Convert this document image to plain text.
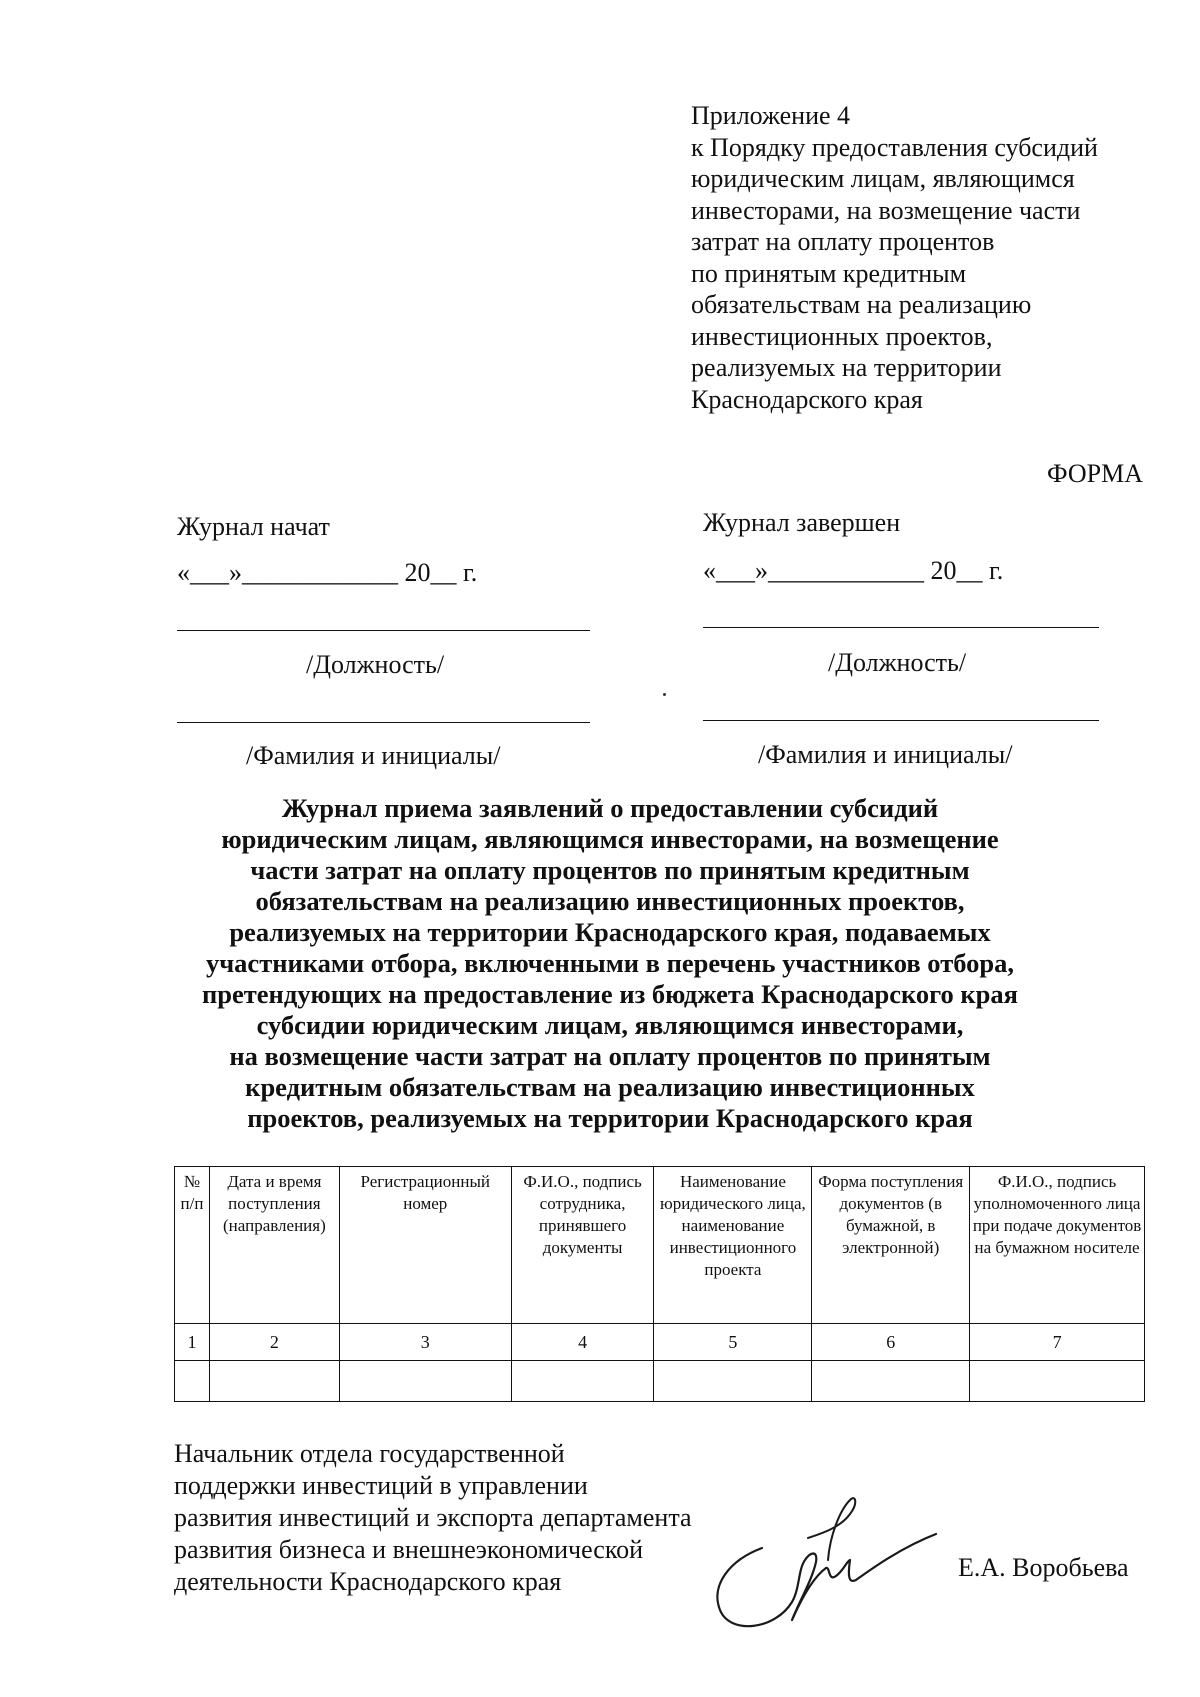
Приложение 4
к Порядку предоставления субсидий
юридическим лицам, являющимся
инвесторами, на возмещение части
затрат на оплату процентов
по принятым кредитным
обязательствам на реализацию
инвестиционных проектов,
реализуемых на территории
Краснодарского края
ФОРМА
Журнал начат
«___»____________ 20__ г.
/Должность/
/Фамилия и инициалы/
Журнал завершен
«___»____________ 20__ г.
/Должность/
/Фамилия и инициалы/
Журнал приема заявлений о предоставлении субсидий
юридическим лицам, являющимся инвесторами, на возмещение
части затрат на оплату процентов по принятым кредитным
обязательствам на реализацию инвестиционных проектов,
реализуемых на территории Краснодарского края, подаваемых
участниками отбора, включенными в перечень участников отбора,
претендующих на предоставление из бюджета Краснодарского края
субсидии юридическим лицам, являющимся инвесторами,
на возмещение части затрат на оплату процентов по принятым
кредитным обязательствам на реализацию инвестиционных
проектов, реализуемых на территории Краснодарского края
№ п/п	Дата и время поступления (направления)	Регистрационный номер	Ф.И.О., подпись сотрудника, принявшего документы	Наименование юридического лица, наименование инвестиционного проекта	Форма поступления документов (в бумажной, в электронной)	Ф.И.О., подпись уполномоченного лица при подаче документов на бумажном носителе
1	2	3	4	5	6	7

Начальник отдела государственной
поддержки инвестиций в управлении
развития инвестиций и экспорта департамента
развития бизнеса и внешнеэкономической
деятельности Краснодарского края	Е.А. Воробьева
